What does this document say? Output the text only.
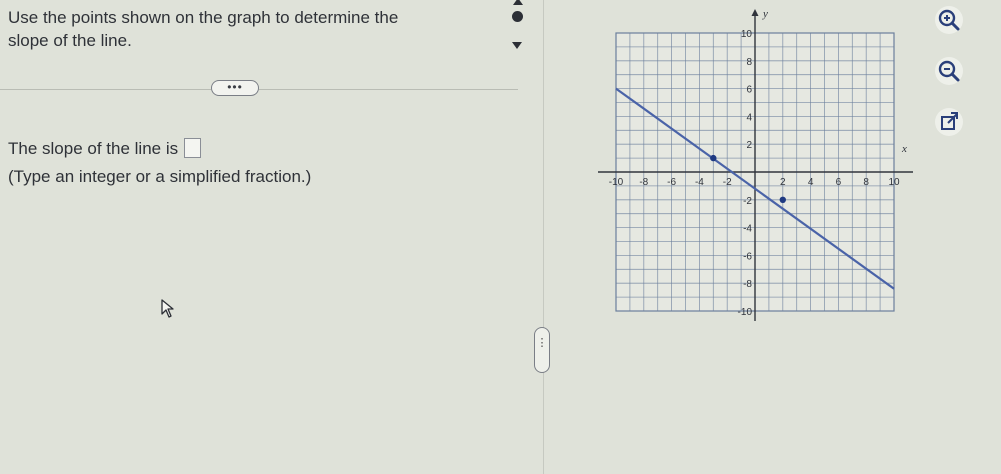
Use the points shown on the graph to determine the
slope of the line.
•••
The slope of the line is
(Type an integer or a simplified fraction.)
⋮
x
y
-10 -8 -6 -4 -2	2 4 6 8 10
10
8
6
4
2
-2
-4
-6
-8
-10
